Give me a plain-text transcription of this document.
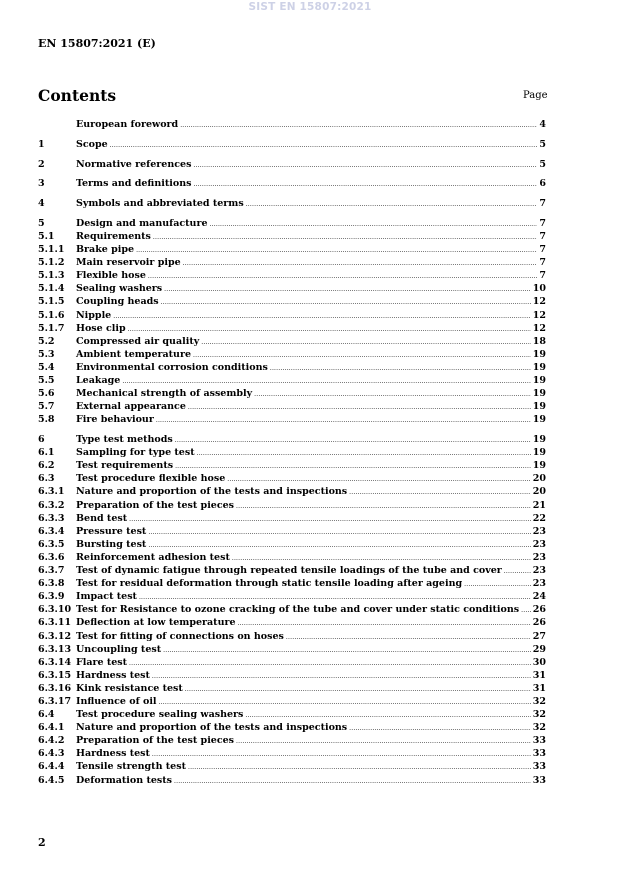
SIST EN 15807:2021
EN 15807:2021 (E)
Contents	Page
European foreword .....	4
1	Scope .....	5
2	Normative references .....	5
3	Terms and definitions .....	6
4	Symbols and abbreviated terms .....	7
5	Design and manufacture .....	7
5.1	Requirements .....	7
5.1.1	Brake pipe .....	7
5.1.2	Main reservoir pipe .....	7
5.1.3	Flexible hose .....	7
5.1.4	Sealing washers .....	10
5.1.5	Coupling heads .....	12
5.1.6	Nipple .....	12
5.1.7	Hose clip .....	12
5.2	Compressed air quality .....	18
5.3	Ambient temperature .....	19
5.4	Environmental corrosion conditions .....	19
5.5	Leakage .....	19
5.6	Mechanical strength of assembly .....	19
5.7	External appearance .....	19
5.8	Fire behaviour .....	19
6	Type test methods .....	19
6.1	Sampling for type test .....	19
6.2	Test requirements .....	19
6.3	Test procedure flexible hose .....	20
6.3.1	Nature and proportion of the tests and inspections .....	20
6.3.2	Preparation of the test pieces .....	21
6.3.3	Bend test .....	22
6.3.4	Pressure test .....	23
6.3.5	Bursting test .....	23
6.3.6	Reinforcement adhesion test .....	23
6.3.7	Test of dynamic fatigue through repeated tensile loadings of the tube and cover .....	23
6.3.8	Test for residual deformation through static tensile loading after ageing .....	23
6.3.9	Impact test .....	24
6.3.10 Test for Resistance to ozone cracking of the tube and cover under static conditions ..... 26
6.3.11 Deflection at low temperature .....	26
6.3.12 Test for fitting of connections on hoses .....	27
6.3.13 Uncoupling test .....	29
6.3.14 Flare test .....	30
6.3.15 Hardness test .....	31
6.3.16 Kink resistance test .....	31
6.3.17 Influence of oil .....	32
6.4	Test procedure sealing washers .....	32
6.4.1	Nature and proportion of the tests and inspections .....	32
6.4.2	Preparation of the test pieces .....	33
6.4.3	Hardness test .....	33
6.4.4	Tensile strength test .....	33
6.4.5	Deformation tests .....	33
2
